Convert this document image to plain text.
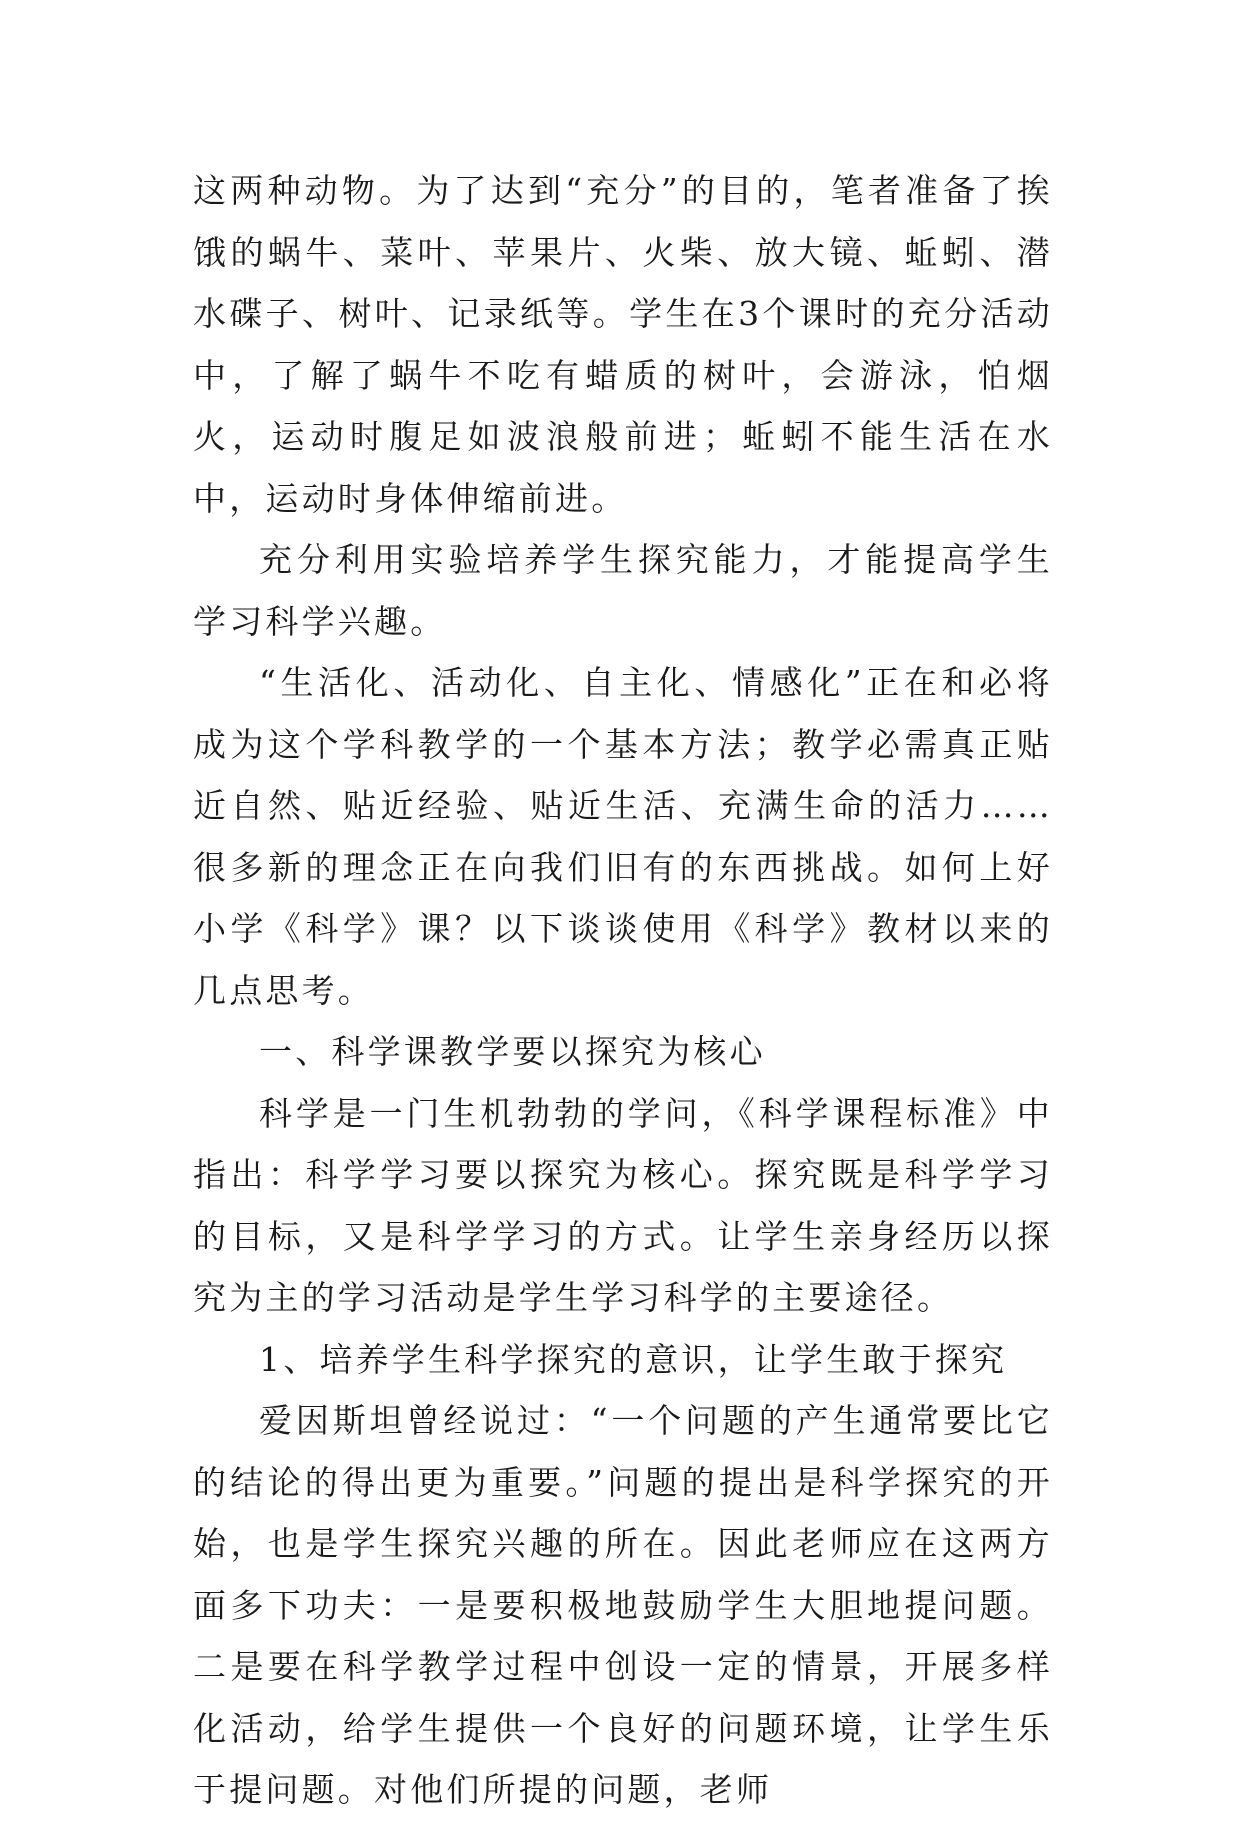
这两种动物。为了达到“充分”的目的，笔者准备了挨饿的蜗牛、菜叶、苹果片、火柴、放大镜、蚯蚓、潜水碟子、树叶、记录纸等。学生在3个课时的充分活动中，了解了蜗牛不吃有蜡质的树叶，会游泳，怕烟火，运动时腹足如波浪般前进；蚯蚓不能生活在水中，运动时身体伸缩前进。

充分利用实验培养学生探究能力，才能提高学生学习科学兴趣。

“生活化、活动化、自主化、情感化”正在和必将成为这个学科教学的一个基本方法；教学必需真正贴近自然、贴近经验、贴近生活、充满生命的活力……很多新的理念正在向我们旧有的东西挑战。如何上好小学《科学》课？以下谈谈使用《科学》教材以来的几点思考。

一、科学课教学要以探究为核心

科学是一门生机勃勃的学问，《科学课程标准》中指出：科学学习要以探究为核心。探究既是科学学习的目标，又是科学学习的方式。让学生亲身经历以探究为主的学习活动是学生学习科学的主要途径。

1、培养学生科学探究的意识，让学生敢于探究

爱因斯坦曾经说过：“一个问题的产生通常要比它的结论的得出更为重要。”问题的提出是科学探究的开始，也是学生探究兴趣的所在。因此老师应在这两方面多下功夫：一是要积极地鼓励学生大胆地提问题。二是要在科学教学过程中创设一定的情景，开展多样化活动，给学生提供一个良好的问题环境，让学生乐于提问题。对他们所提的问题，老师
